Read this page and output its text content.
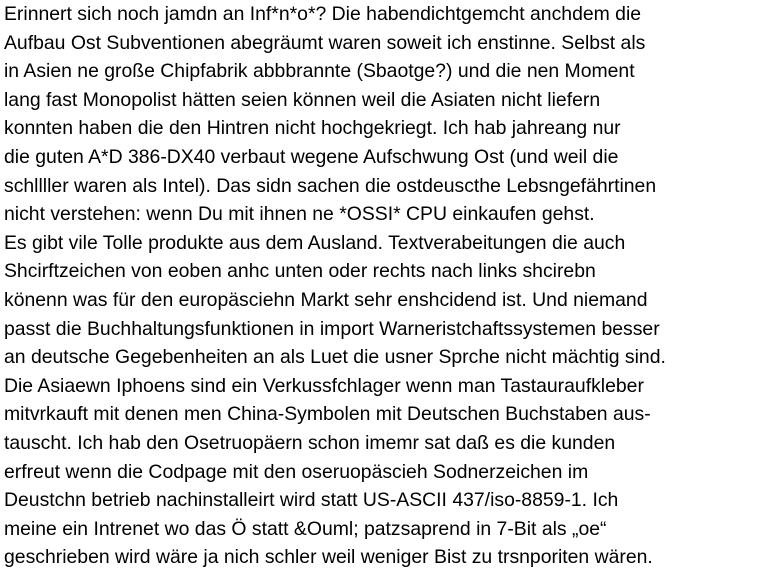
Erinnert sich noch jamdn an Inf*n*o*? Die habendichtgemcht anchdem die
Aufbau Ost Subventionen abegräumt waren soweit ich enstinne. Selbst als
in Asien ne große Chipfabrik abbbrannte (Sbaotge?) und die nen Moment
lang fast Monopolist hätten seien können weil die Asiaten nicht liefern
konnten haben die den Hintren nicht hochgekriegt. Ich hab jahreang nur
die guten A*D 386-DX40 verbaut wegene Aufschwung Ost (und weil die
schllller waren als Intel). Das sidn sachen die ostdeuscthe Lebsngefährtinen
nicht verstehen: wenn Du mit ihnen ne *OSSI* CPU einkaufen gehst.
Es gibt vile Tolle produkte aus dem Ausland. Textverabeitungen die auch
Shcirftzeichen von eoben anhc unten oder rechts nach links shcirebn
könenn was für den europäsciehn Markt sehr enshcidend ist. Und niemand
passt die Buchhaltungsfunktionen in import Warneristchaftssystemen besser
an deutsche Gegebenheiten an als Luet die usner Sprche nicht mächtig sind.
Die Asiaewn Iphoens sind ein Verkussfchlager wenn man Tastauraufkleber
mitvrkauft mit denen men China-Symbolen mit Deutschen Buchstaben aus-
tauscht. Ich hab den Osetruopäern schon imemr sat daß es die kunden
erfreut wenn die Codpage mit den oseruopäscieh Sodnerzeichen im
Deustchn betrieb nachinstalleirt wird statt US-ASCII 437/iso-8859-1. Ich
meine ein Intrenet wo das Ö statt &Ouml; patzsaprend in 7-Bit als „oe“
geschrieben wird wäre ja nich schler weil weniger Bist zu trsnporiten wären.
